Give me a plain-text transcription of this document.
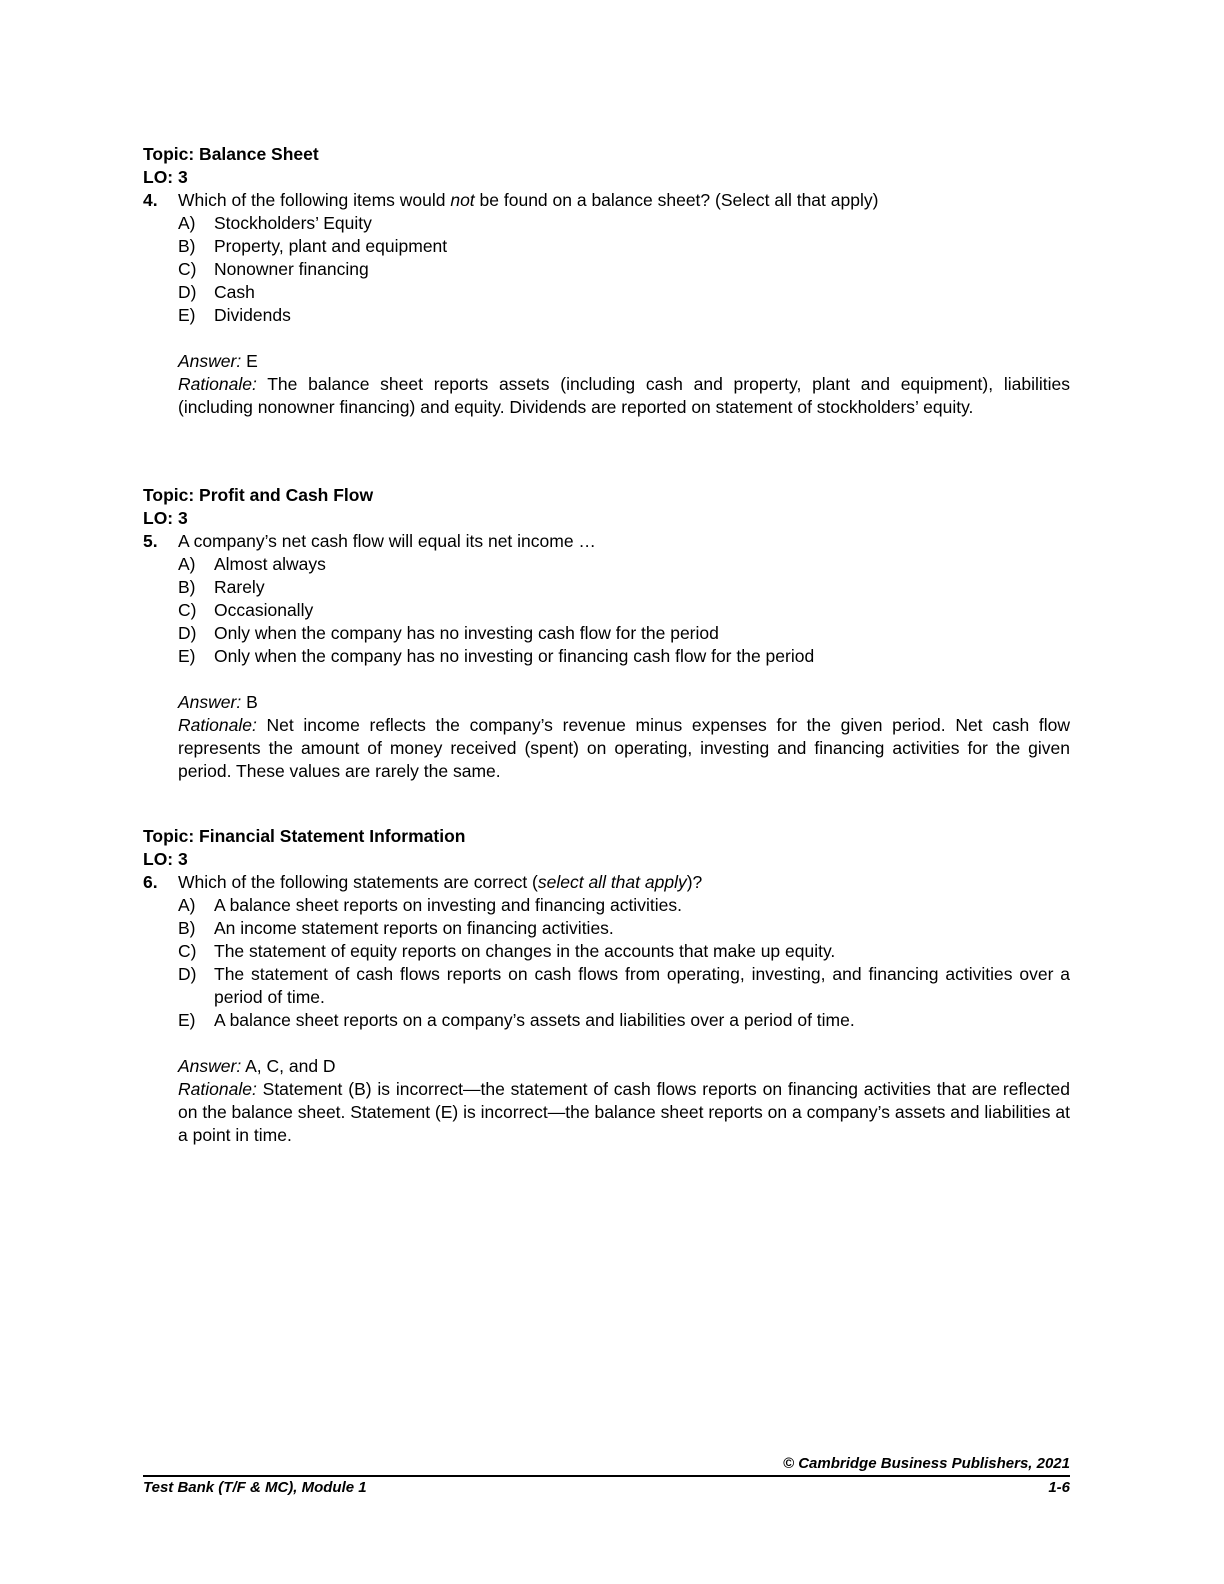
Topic: Balance Sheet
LO: 3
4. Which of the following items would not be found on a balance sheet? (Select all that apply)
A) Stockholders’ Equity
B) Property, plant and equipment
C) Nonowner financing
D) Cash
E) Dividends
Answer: E
Rationale: The balance sheet reports assets (including cash and property, plant and equipment), liabilities (including nonowner financing) and equity. Dividends are reported on statement of stockholders’ equity.
Topic: Profit and Cash Flow
LO: 3
5. A company’s net cash flow will equal its net income …
A) Almost always
B) Rarely
C) Occasionally
D) Only when the company has no investing cash flow for the period
E) Only when the company has no investing or financing cash flow for the period
Answer: B
Rationale: Net income reflects the company’s revenue minus expenses for the given period. Net cash flow represents the amount of money received (spent) on operating, investing and financing activities for the given period. These values are rarely the same.
Topic: Financial Statement Information
LO: 3
6. Which of the following statements are correct (select all that apply)?
A) A balance sheet reports on investing and financing activities.
B) An income statement reports on financing activities.
C) The statement of equity reports on changes in the accounts that make up equity.
D) The statement of cash flows reports on cash flows from operating, investing, and financing activities over a period of time.
E) A balance sheet reports on a company’s assets and liabilities over a period of time.
Answer: A, C, and D
Rationale: Statement (B) is incorrect—the statement of cash flows reports on financing activities that are reflected on the balance sheet. Statement (E) is incorrect—the balance sheet reports on a company’s assets and liabilities at a point in time.
© Cambridge Business Publishers, 2021
Test Bank (T/F & MC), Module 1	1-6
